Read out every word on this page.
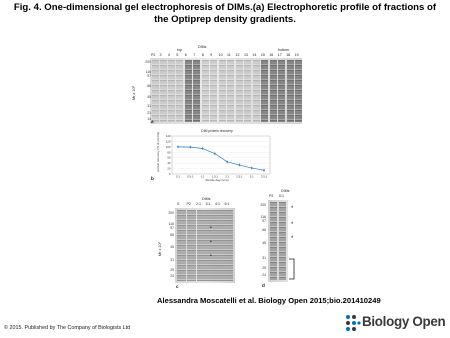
Fig. 4. One-dimensional gel electrophoresis of DIMs.(a) Electrophoretic profile of fractions of the Optiprep density gradients.
top
DIMs
bottom
P2 3 4 5 6 7 8 9 10 11 12 13 14 15 16 17 18 19
200
116
97
66
45
31
21
14
Mr x 10³
a
DIM protein recovery
0
20
40
60
80
100
120
140
0:1	0.5:1	1:1	1.5:1	2:1	2.5:1	3:1	3.5:1
protein recovery (% of control)
Sterols:Asp (w:w)
b
DIMs
S P2 2:1 3:1 4:1 5:1
200
116
97
66
45
31
29
24
Mr x 10³
c
•
•
•
DIMs
P2 0:1
200
116
97
66
45
31
29
24
*
*
*
d
Alessandra Moscatelli et al. Biology Open 2015;bio.201410249
© 2015. Published by The Company of Biologists Ltd	Biology Open
